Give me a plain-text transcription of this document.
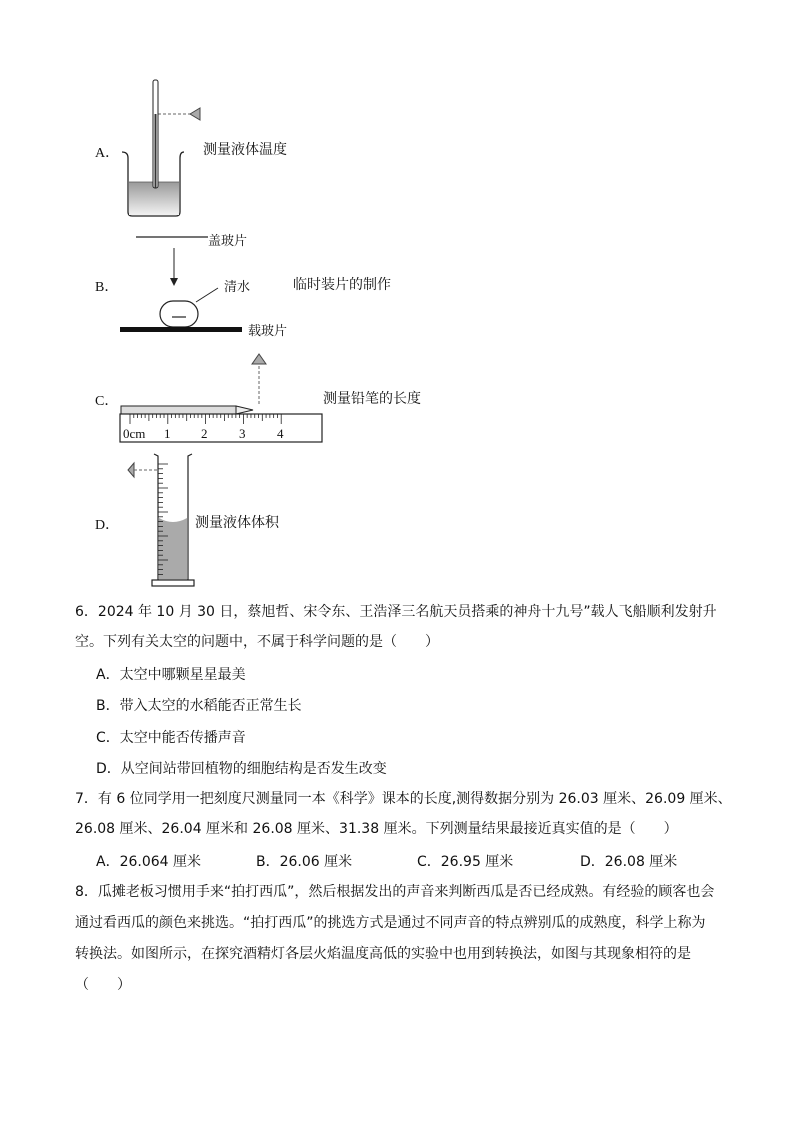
A．	测量液体温度
B．
盖玻片
清水
载玻片
临时装片的制作
C．
0cm 1 2 3 4
测量铅笔的长度
D．	测量液体体积
6．2024 年 10 月 30 日，蔡旭哲、宋令东、王浩泽三名航天员搭乘的神舟十九号”载人飞船顺利发射升
空。下列有关太空的问题中，不属于科学问题的是（　　）
A．太空中哪颗星星最美
B．带入太空的水稻能否正常生长
C．太空中能否传播声音
D．从空间站带回植物的细胞结构是否发生改变
7．有 6 位同学用一把刻度尺测量同一本《科学》课本的长度,测得数据分别为 26.03 厘米、26.09 厘米、
26.08 厘米、26.04 厘米和 26.08 厘米、31.38 厘米。下列测量结果最接近真实值的是（　　）
A．26.064 厘米	B．26.06 厘米	C．26.95 厘米	D．26.08 厘米
8．瓜摊老板习惯用手来“拍打西瓜”，然后根据发出的声音来判断西瓜是否已经成熟。有经验的顾客也会
通过看西瓜的颜色来挑选。“拍打西瓜”的挑选方式是通过不同声音的特点辨别瓜的成熟度，科学上称为
转换法。如图所示，在探究酒精灯各层火焰温度高低的实验中也用到转换法，如图与其现象相符的是
（　　）
